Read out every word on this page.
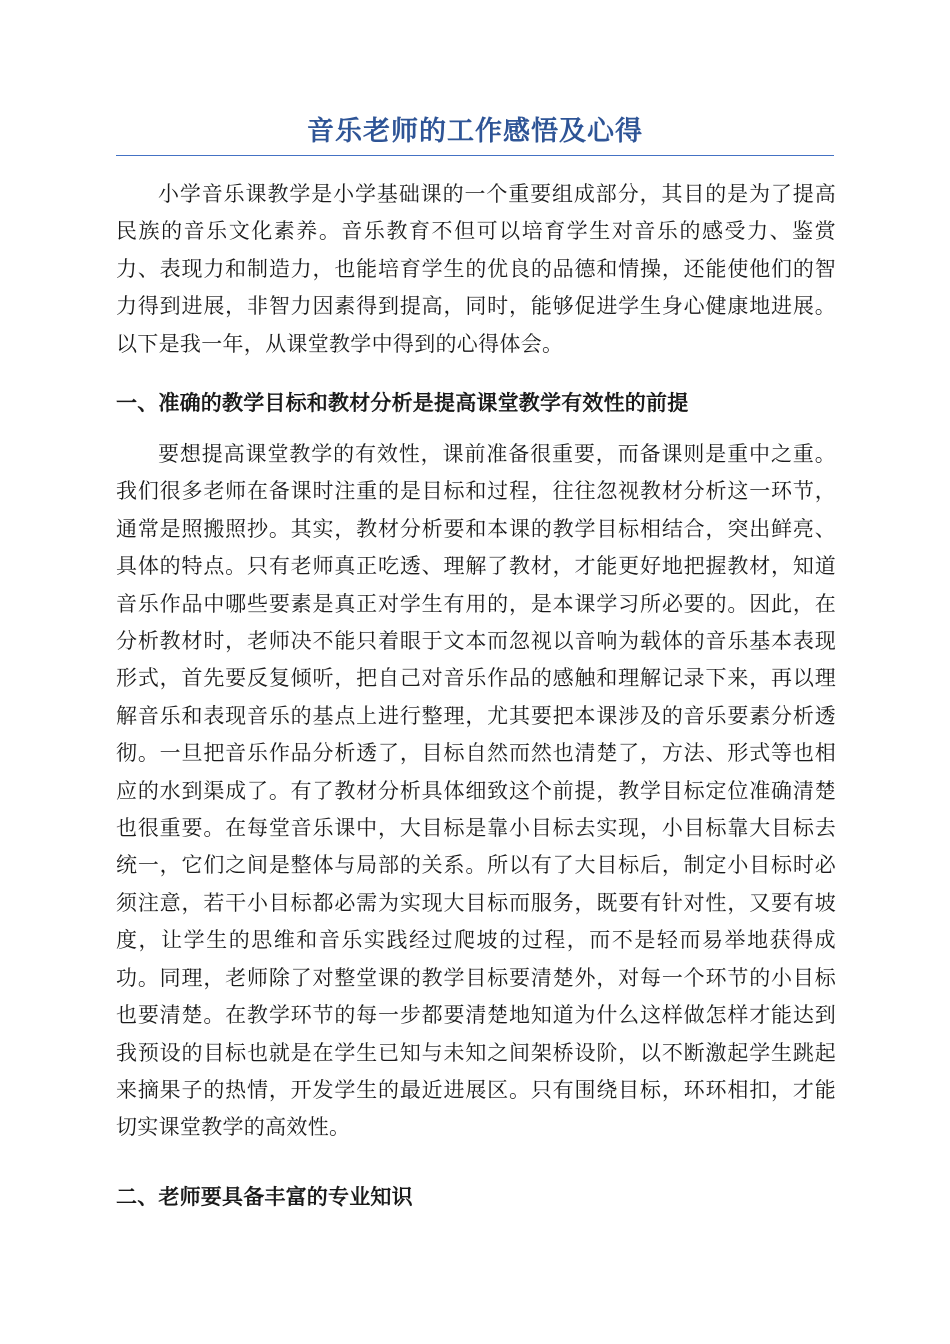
音乐老师的工作感悟及心得

小学音乐课教学是小学基础课的一个重要组成部分，其目的是为了提高民族的音乐文化素养。音乐教育不但可以培育学生对音乐的感受力、鉴赏力、表现力和制造力，也能培育学生的优良的品德和情操，还能使他们的智力得到进展，非智力因素得到提高，同时，能够促进学生身心健康地进展。以下是我一年，从课堂教学中得到的心得体会。

一、准确的教学目标和教材分析是提高课堂教学有效性的前提

要想提高课堂教学的有效性，课前准备很重要，而备课则是重中之重。我们很多老师在备课时注重的是目标和过程，往往忽视教材分析这一环节，通常是照搬照抄。其实，教材分析要和本课的教学目标相结合，突出鲜亮、具体的特点。只有老师真正吃透、理解了教材，才能更好地把握教材，知道音乐作品中哪些要素是真正对学生有用的，是本课学习所必要的。因此，在分析教材时，老师决不能只着眼于文本而忽视以音响为载体的音乐基本表现形式，首先要反复倾听，把自己对音乐作品的感触和理解记录下来，再以理解音乐和表现音乐的基点上进行整理，尤其要把本课涉及的音乐要素分析透彻。一旦把音乐作品分析透了，目标自然而然也清楚了，方法、形式等也相应的水到渠成了。有了教材分析具体细致这个前提，教学目标定位准确清楚也很重要。在每堂音乐课中，大目标是靠小目标去实现，小目标靠大目标去统一，它们之间是整体与局部的关系。所以有了大目标后，制定小目标时必须注意，若干小目标都必需为实现大目标而服务，既要有针对性，又要有坡度，让学生的思维和音乐实践经过爬坡的过程，而不是轻而易举地获得成功。同理，老师除了对整堂课的教学目标要清楚外，对每一个环节的小目标也要清楚。在教学环节的每一步都要清楚地知道为什么这样做怎样才能达到我预设的目标也就是在学生已知与未知之间架桥设阶，以不断激起学生跳起来摘果子的热情，开发学生的最近进展区。只有围绕目标，环环相扣，才能切实课堂教学的高效性。

二、老师要具备丰富的专业知识
